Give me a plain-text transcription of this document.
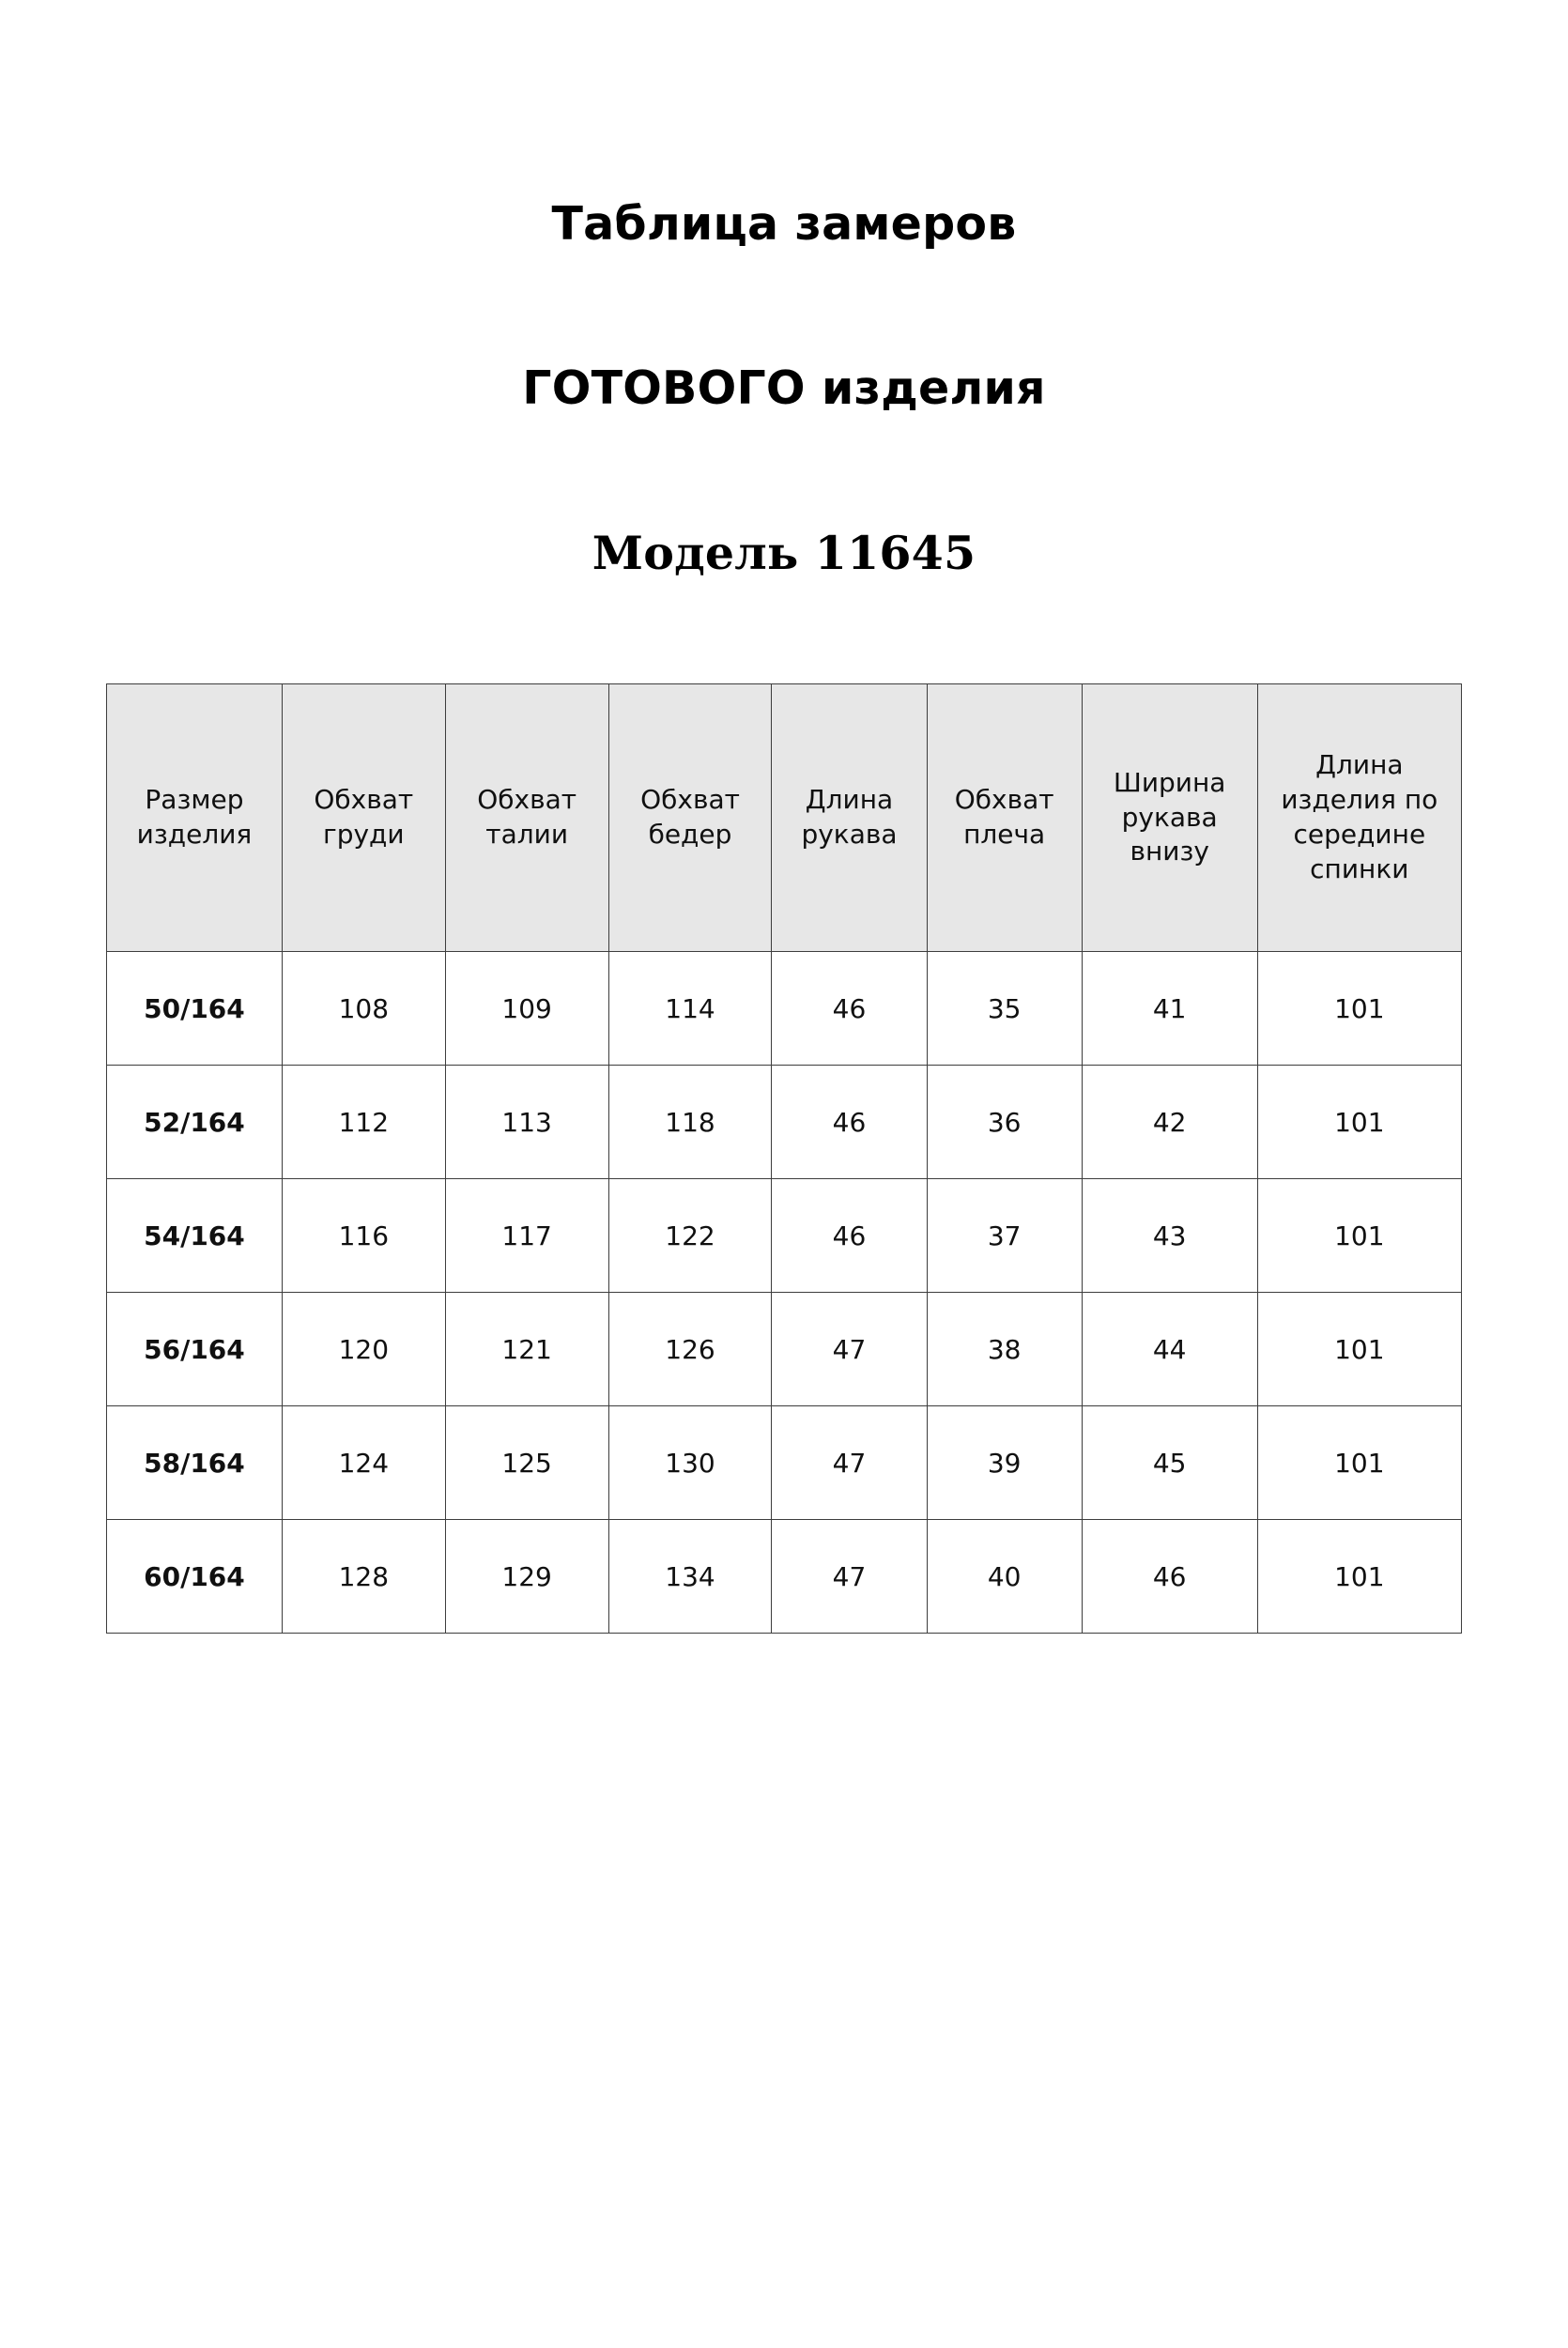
Таблица замеров
ГОТОВОГО изделия
Модель 11645
Размер изделия	Обхват груди	Обхват талии	Обхват бедер	Длина рукава	Обхват плеча	Ширина рукава внизу	Длина изделия по середине спинки
50/164	108	109	114	46	35	41	101
52/164	112	113	118	46	36	42	101
54/164	116	117	122	46	37	43	101
56/164	120	121	126	47	38	44	101
58/164	124	125	130	47	39	45	101
60/164	128	129	134	47	40	46	101
